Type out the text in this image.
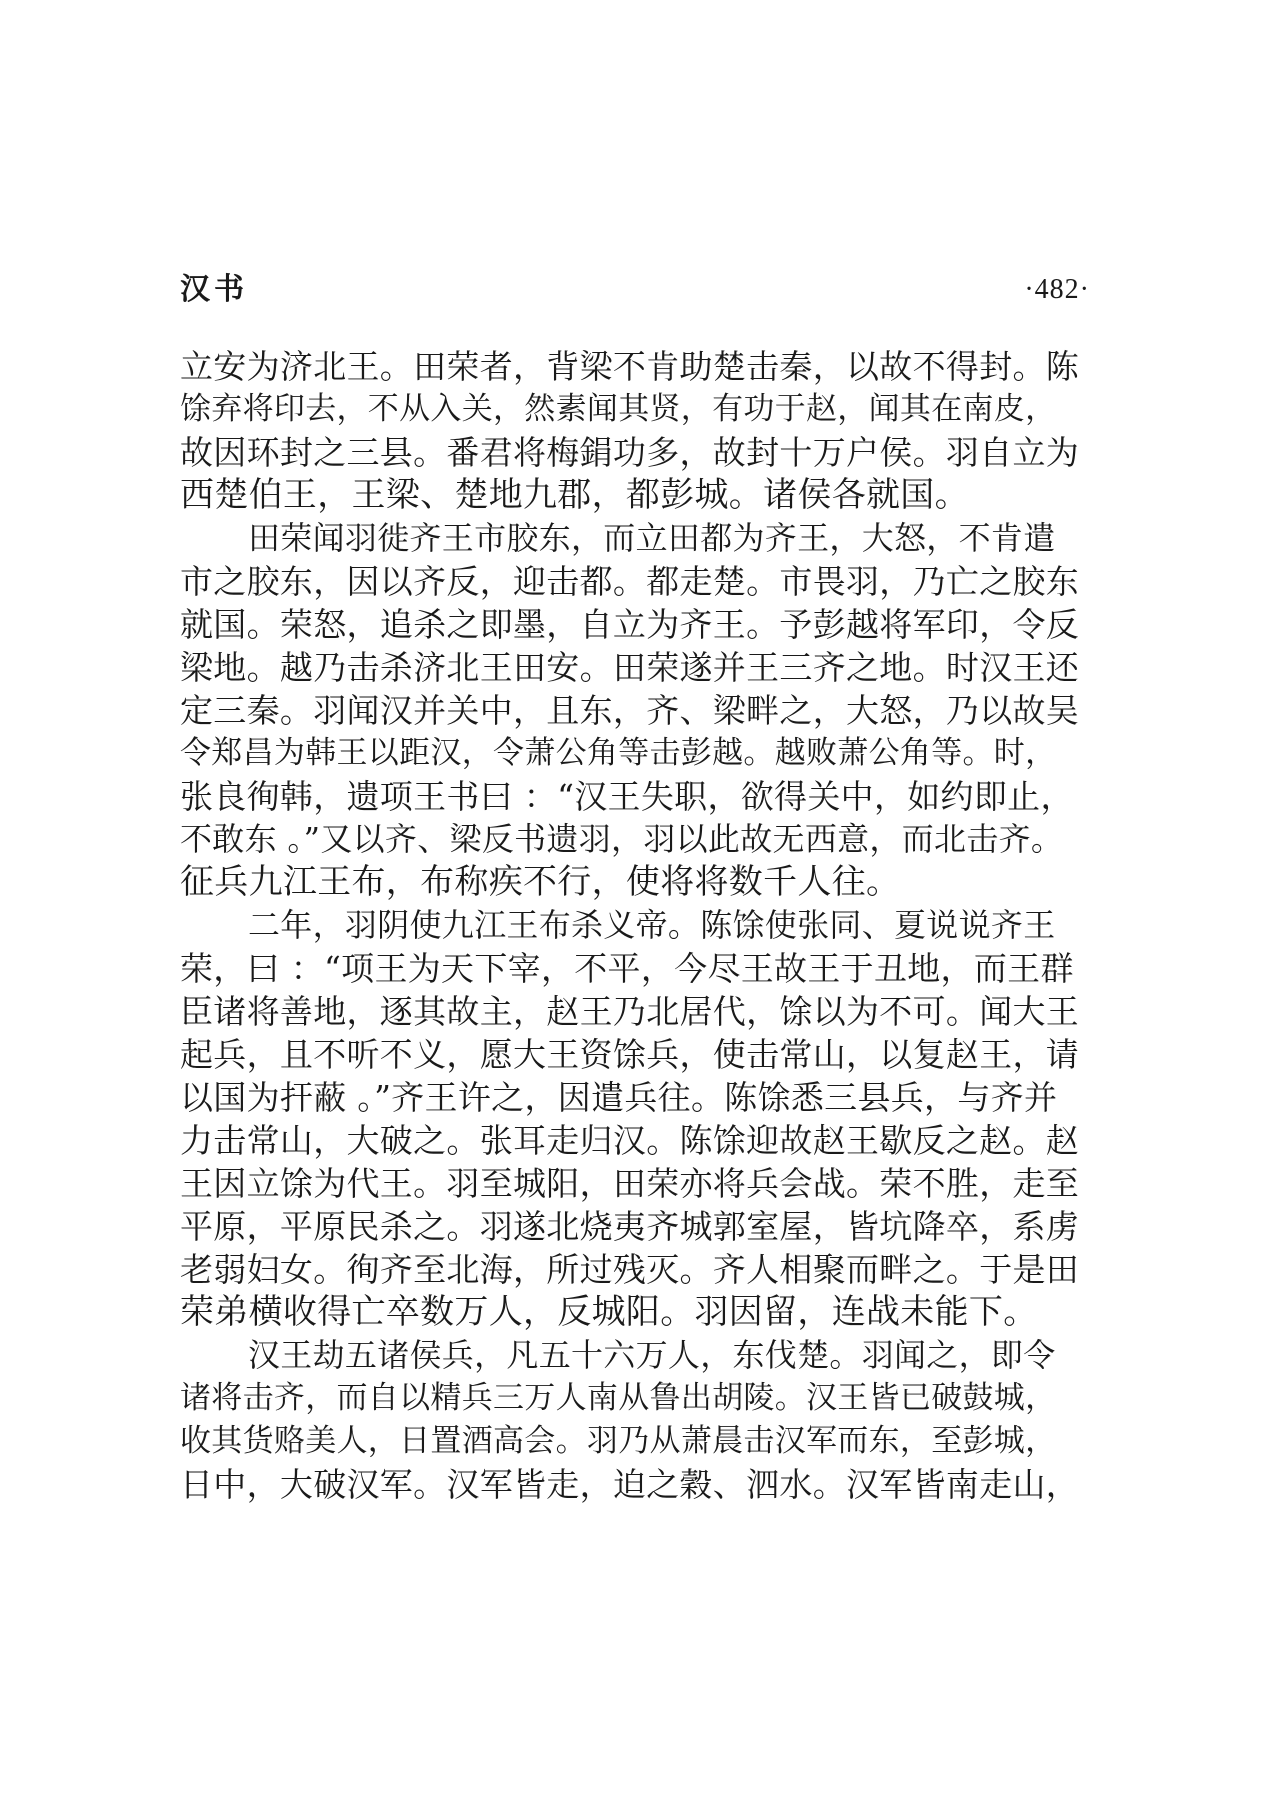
汉书	·482·
立安为济北王。田荣者，背梁不肯助楚击秦，以故不得封。陈
馀弃将印去，不从入关，然素闻其贤，有功于赵，闻其在南皮，
故因环封之三县。番君将梅鋗功多，故封十万户侯。羽自立为
西楚伯王，王梁、楚地九郡，都彭城。诸侯各就国。
田荣闻羽徙齐王市胶东，而立田都为齐王，大怒，不肯遣
市之胶东，因以齐反，迎击都。都走楚。市畏羽，乃亡之胶东
就国。荣怒，追杀之即墨，自立为齐王。予彭越将军印，令反
梁地。越乃击杀济北王田安。田荣遂并王三齐之地。时汉王还
定三秦。羽闻汉并关中，且东，齐、梁畔之，大怒，乃以故吴
令郑昌为韩王以距汉，令萧公角等击彭越。越败萧公角等。时，
张良徇韩，遗项王书曰 ：“汉王失职，欲得关中，如约即止，
不敢东 。”又以齐、梁反书遗羽，羽以此故无西意，而北击齐。
征兵九江王布，布称疾不行，使将将数千人往。
二年，羽阴使九江王布杀义帝。陈馀使张同、夏说说齐王
荣，曰 ：“项王为天下宰，不平，今尽王故王于丑地，而王群
臣诸将善地，逐其故主，赵王乃北居代，馀以为不可。闻大王
起兵，且不听不义，愿大王资馀兵，使击常山，以复赵王，请
以国为扞蔽 。”齐王许之，因遣兵往。陈馀悉三县兵，与齐并
力击常山，大破之。张耳走归汉。陈馀迎故赵王歇反之赵。赵
王因立馀为代王。羽至城阳，田荣亦将兵会战。荣不胜，走至
平原，平原民杀之。羽遂北烧夷齐城郭室屋，皆坑降卒，系虏
老弱妇女。徇齐至北海，所过残灭。齐人相聚而畔之。于是田
荣弟横收得亡卒数万人，反城阳。羽因留，连战未能下。
汉王劫五诸侯兵，凡五十六万人，东伐楚。羽闻之，即令
诸将击齐，而自以精兵三万人南从鲁出胡陵。汉王皆已破鼓城，
收其货赂美人，日置酒高会。羽乃从萧晨击汉军而东，至彭城，
日中，大破汉军。汉军皆走，迫之穀、泗水。汉军皆南走山，
